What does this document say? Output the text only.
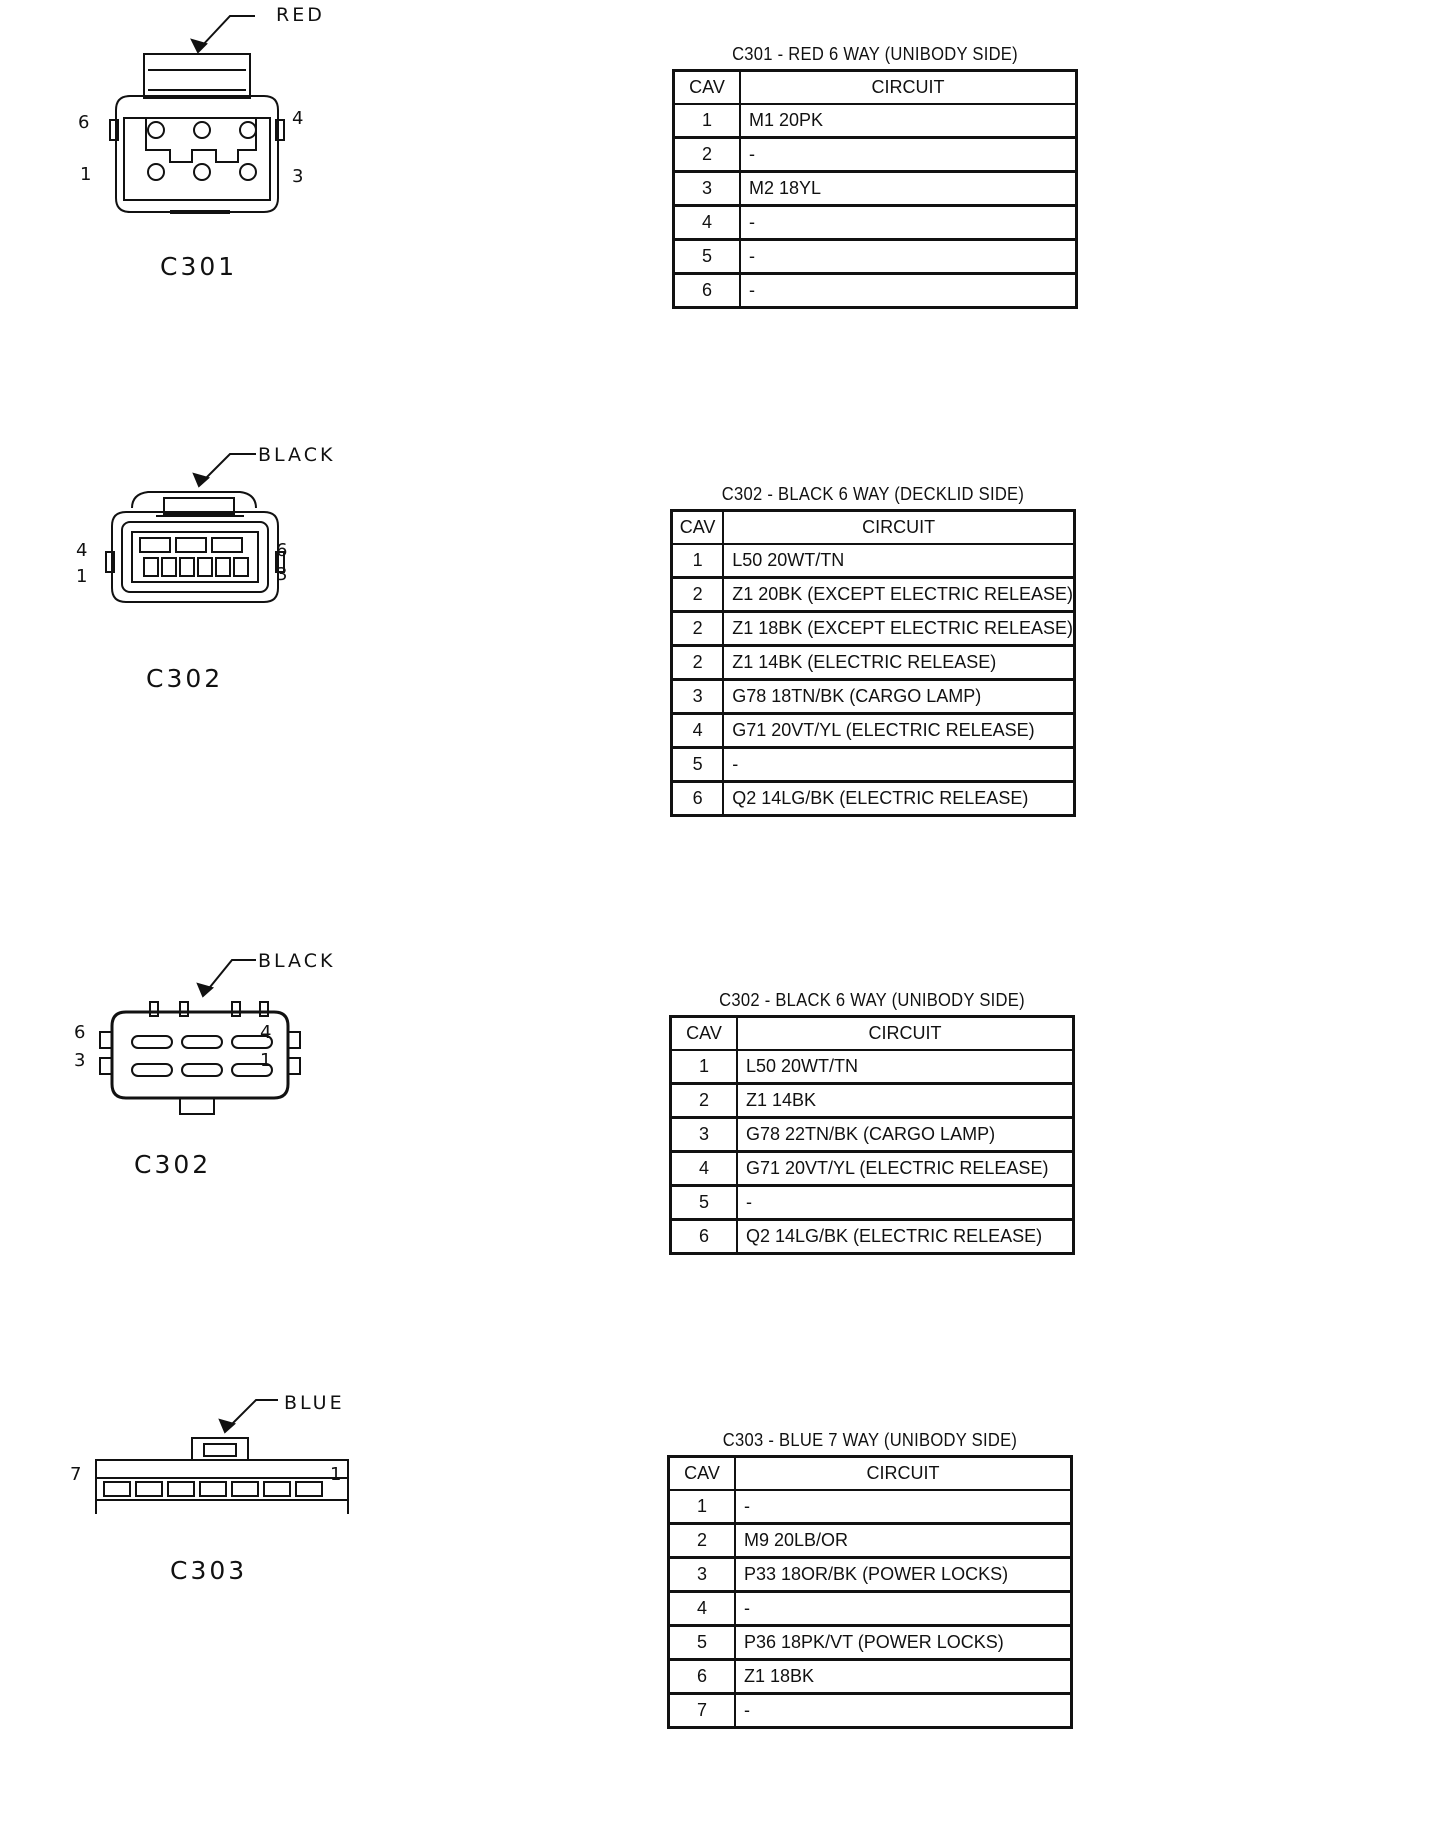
RED
6	4
1	3
C301
C301 - RED 6 WAY (UNIBODY SIDE)
CAV	CIRCUIT
1	M1 20PK
2	-
3	M2 18YL
4	-
5	-
6	-
BLACK
4	6
1	3
C302
C302 - BLACK 6 WAY (DECKLID SIDE)
CAV	CIRCUIT
1	L50 20WT/TN
2	Z1 20BK (EXCEPT ELECTRIC RELEASE)
2	Z1 18BK (EXCEPT ELECTRIC RELEASE)
2	Z1 14BK (ELECTRIC RELEASE)
3	G78 18TN/BK (CARGO LAMP)
4	G71 20VT/YL (ELECTRIC RELEASE)
5	-
6	Q2 14LG/BK (ELECTRIC RELEASE)
BLACK
6	4
3	1
C302
C302 - BLACK 6 WAY (UNIBODY SIDE)
CAV	CIRCUIT
1	L50 20WT/TN
2	Z1 14BK
3	G78 22TN/BK (CARGO LAMP)
4	G71 20VT/YL (ELECTRIC RELEASE)
5	-
6	Q2 14LG/BK (ELECTRIC RELEASE)
BLUE
7	1
C303
C303 - BLUE 7 WAY (UNIBODY SIDE)
CAV	CIRCUIT
1	-
2	M9 20LB/OR
3	P33 18OR/BK (POWER LOCKS)
4	-
5	P36 18PK/VT (POWER LOCKS)
6	Z1 18BK
7	-
